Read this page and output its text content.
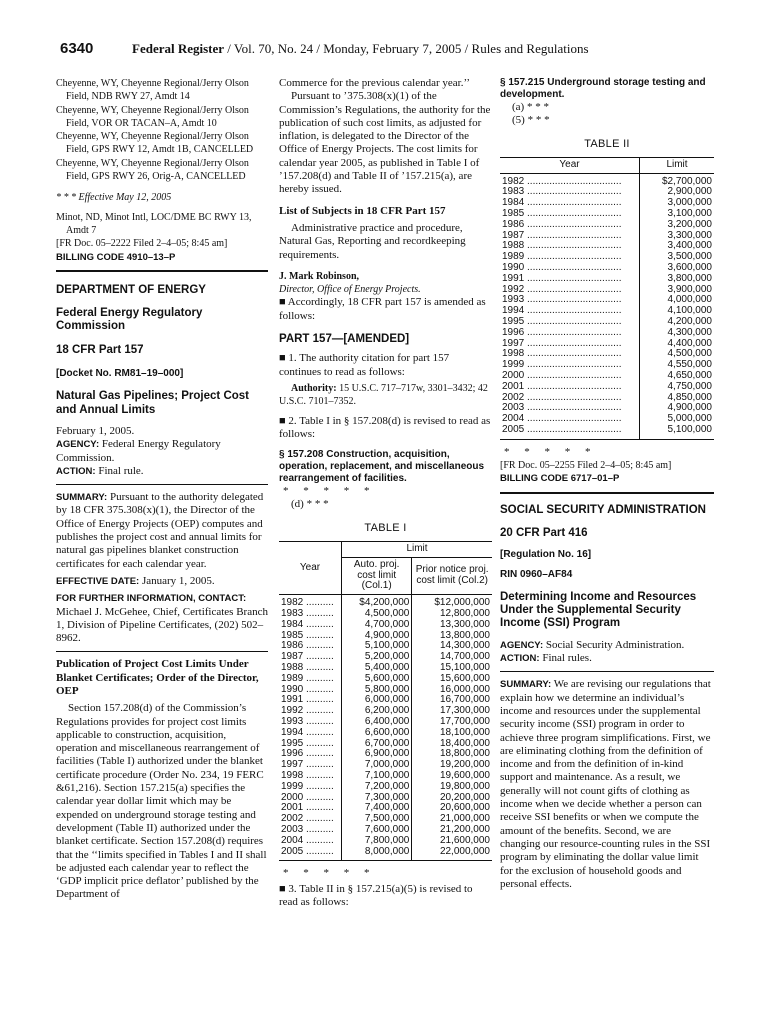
6340	Federal Register / Vol. 70, No. 24 / Monday, February 7, 2005 / Rules and Regulations

Cheyenne, WY, Cheyenne Regional/Jerry Olson Field, NDB RWY 27, Amdt 14

Cheyenne, WY, Cheyenne Regional/Jerry Olson Field, VOR OR TACAN–A, Amdt 10

Cheyenne, WY, Cheyenne Regional/Jerry Olson Field, GPS RWY 12, Amdt 1B, CANCELLED

Cheyenne, WY, Cheyenne Regional/Jerry Olson Field, GPS RWY 26, Orig-A, CANCELLED

* * * Effective May 12, 2005

Minot, ND, Minot Intl, LOC/DME BC RWY 13, Amdt 7

[FR Doc. 05–2222 Filed 2–4–05; 8:45 am]

BILLING CODE 4910–13–P

DEPARTMENT OF ENERGY

Federal Energy Regulatory Commission

18 CFR Part 157

[Docket No. RM81–19–000]

Natural Gas Pipelines; Project Cost and Annual Limits

February 1, 2005.

AGENCY: Federal Energy Regulatory Commission.

ACTION: Final rule.

SUMMARY: Pursuant to the authority delegated by 18 CFR 375.308(x)(1), the Director of the Office of Energy Projects (OEP) computes and publishes the project cost and annual limits for natural gas pipelines blanket construction certificates for each calendar year.

EFFECTIVE DATE: January 1, 2005.

FOR FURTHER INFORMATION, CONTACT: Michael J. McGehee, Chief, Certificates Branch 1, Division of Pipeline Certificates, (202) 502–8962.

Publication of Project Cost Limits Under Blanket Certificates; Order of the Director, OEP

Section 157.208(d) of the Commission’s Regulations provides for project cost limits applicable to construction, acquisition, operation and miscellaneous rearrangement of facilities (Table I) authorized under the blanket certificate procedure (Order No. 234, 19 FERC &61,216). Section 157.215(a) specifies the calendar year dollar limit which may be expended on underground storage testing and development (Table II) authorized under the blanket certificate. Section 157.208(d) requires that the ‘‘limits specified in Tables I and II shall be adjusted each calendar year to reflect the ‘GDP implicit price deflator’ published by the Department of

Commerce for the previous calendar year.’’

Pursuant to ’375.308(x)(1) of the Commission’s Regulations, the authority for the publication of such cost limits, as adjusted for inflation, is delegated to the Director of the Office of Energy Projects. The cost limits for calendar year 2005, as published in Table I of ’157.208(d) and Table II of ’157.215(a), are hereby issued.

List of Subjects in 18 CFR Part 157

Administrative practice and procedure, Natural Gas, Reporting and recordkeeping requirements.

J. Mark Robinson,

Director, Office of Energy Projects.

■ Accordingly, 18 CFR part 157 is amended as follows:

PART 157—[AMENDED]

■ 1. The authority citation for part 157 continues to read as follows:

Authority: 15 U.S.C. 717–717w, 3301–3432; 42 U.S.C. 7101–7352.

■ 2. Table I in § 157.208(d) is revised to read as follows:

§ 157.208 Construction, acquisition, operation, replacement, and miscellaneous rearrangement of facilities.

* * * * *

(d) * * *

TABLE I

Year	Limit	
	Auto. proj. cost limit (Col.1)	Prior notice proj. cost limit (Col.2)
1982 ..........	$4,200,000	$12,000,000
1983 ..........	4,500,000	12,800,000
1984 ..........	4,700,000	13,300,000
1985 ..........	4,900,000	13,800,000
1986 ..........	5,100,000	14,300,000
1987 ..........	5,200,000	14,700,000
1988 ..........	5,400,000	15,100,000
1989 ..........	5,600,000	15,600,000
1990 ..........	5,800,000	16,000,000
1991 ..........	6,000,000	16,700,000
1992 ..........	6,200,000	17,300,000
1993 ..........	6,400,000	17,700,000
1994 ..........	6,600,000	18,100,000
1995 ..........	6,700,000	18,400,000
1996 ..........	6,900,000	18,800,000
1997 ..........	7,000,000	19,200,000
1998 ..........	7,100,000	19,600,000
1999 ..........	7,200,000	19,800,000
2000 ..........	7,300,000	20,200,000
2001 ..........	7,400,000	20,600,000
2002 ..........	7,500,000	21,000,000
2003 ..........	7,600,000	21,200,000
2004 ..........	7,800,000	21,600,000
2005 ..........	8,000,000	22,000,000

* * * * *

■ 3. Table II in § 157.215(a)(5) is revised to read as follows:

§ 157.215 Underground storage testing and development.

(a) * * *

(5) * * *

TABLE II

Year	Limit
1982 ..................................	$2,700,000
1983 ..................................	2,900,000
1984 ..................................	3,000,000
1985 ..................................	3,100,000
1986 ..................................	3,200,000
1987 ..................................	3,300,000
1988 ..................................	3,400,000
1989 ..................................	3,500,000
1990 ..................................	3,600,000
1991 ..................................	3,800,000
1992 ..................................	3,900,000
1993 ..................................	4,000,000
1994 ..................................	4,100,000
1995 ..................................	4,200,000
1996 ..................................	4,300,000
1997 ..................................	4,400,000
1998 ..................................	4,500,000
1999 ..................................	4,550,000
2000 ..................................	4,650,000
2001 ..................................	4,750,000
2002 ..................................	4,850,000
2003 ..................................	4,900,000
2004 ..................................	5,000,000
2005 ..................................	5,100,000

* * * * *

[FR Doc. 05–2255 Filed 2–4–05; 8:45 am]

BILLING CODE 6717–01–P

SOCIAL SECURITY ADMINISTRATION

20 CFR Part 416

[Regulation No. 16]

RIN 0960–AF84

Determining Income and Resources Under the Supplemental Security Income (SSI) Program

AGENCY: Social Security Administration.

ACTION: Final rules.

SUMMARY: We are revising our regulations that explain how we determine an individual’s income and resources under the supplemental security income (SSI) program in order to achieve three program simplifications. First, we are eliminating clothing from the definition of income and from the definition of in-kind support and maintenance. As a result, we generally will not count gifts of clothing as income when we decide whether a person can receive SSI benefits or when we compute the amount of the benefits. Second, we are changing our resource-counting rules in the SSI program by eliminating the dollar value limit for the exclusion of household goods and personal effects.
